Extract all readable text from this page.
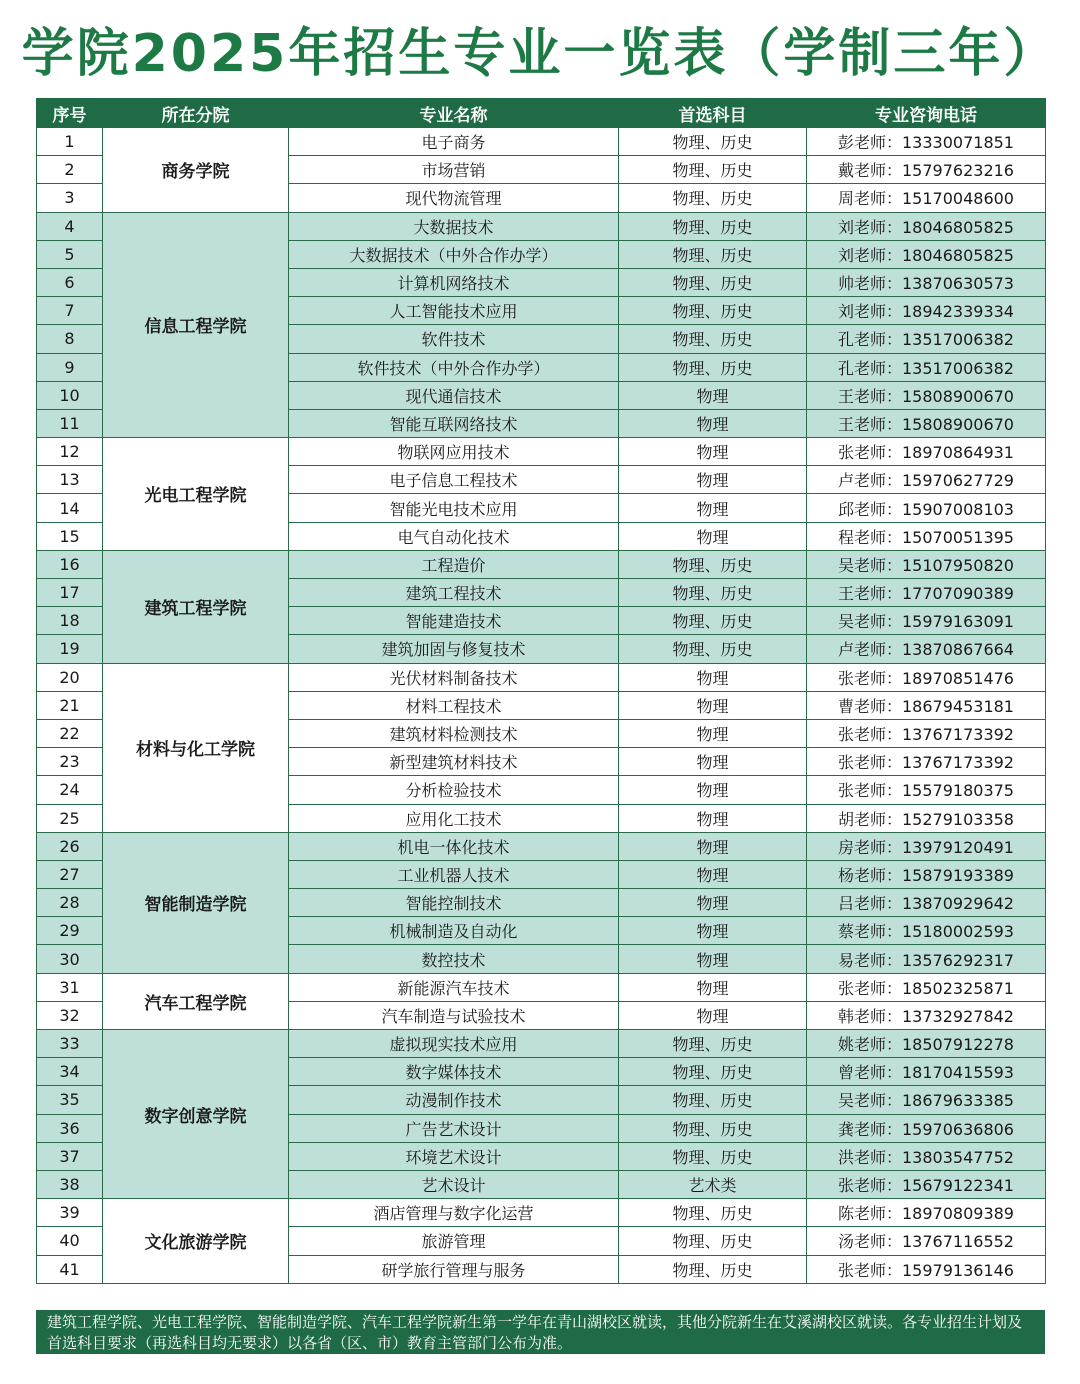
学院2025年招生专业一览表（学制三年）
序号	所在分院	专业名称	首选科目	专业咨询电话
1	商务学院	电子商务	物理、历史	彭老师：13330071851
2		市场营销	物理、历史	戴老师：15797623216
3		现代物流管理	物理、历史	周老师：15170048600
4	信息工程学院	大数据技术	物理、历史	刘老师：18046805825
5		大数据技术（中外合作办学）	物理、历史	刘老师：18046805825
6		计算机网络技术	物理、历史	帅老师：13870630573
7		人工智能技术应用	物理、历史	刘老师：18942339334
8		软件技术	物理、历史	孔老师：13517006382
9		软件技术（中外合作办学）	物理、历史	孔老师：13517006382
10		现代通信技术	物理	王老师：15808900670
11		智能互联网络技术	物理	王老师：15808900670
12	光电工程学院	物联网应用技术	物理	张老师：18970864931
13		电子信息工程技术	物理	卢老师：15970627729
14		智能光电技术应用	物理	邱老师：15907008103
15		电气自动化技术	物理	程老师：15070051395
16	建筑工程学院	工程造价	物理、历史	吴老师：15107950820
17		建筑工程技术	物理、历史	王老师：17707090389
18		智能建造技术	物理、历史	吴老师：15979163091
19		建筑加固与修复技术	物理、历史	卢老师：13870867664
20	材料与化工学院	光伏材料制备技术	物理	张老师：18970851476
21		材料工程技术	物理	曹老师：18679453181
22		建筑材料检测技术	物理	张老师：13767173392
23		新型建筑材料技术	物理	张老师：13767173392
24		分析检验技术	物理	张老师：15579180375
25		应用化工技术	物理	胡老师：15279103358
26	智能制造学院	机电一体化技术	物理	房老师：13979120491
27		工业机器人技术	物理	杨老师：15879193389
28		智能控制技术	物理	吕老师：13870929642
29		机械制造及自动化	物理	蔡老师：15180002593
30		数控技术	物理	易老师：13576292317
31	汽车工程学院	新能源汽车技术	物理	张老师：18502325871
32		汽车制造与试验技术	物理	韩老师：13732927842
33	数字创意学院	虚拟现实技术应用	物理、历史	姚老师：18507912278
34		数字媒体技术	物理、历史	曾老师：18170415593
35		动漫制作技术	物理、历史	吴老师：18679633385
36		广告艺术设计	物理、历史	龚老师：15970636806
37		环境艺术设计	物理、历史	洪老师：13803547752
38		艺术设计	艺术类	张老师：15679122341
39	文化旅游学院	酒店管理与数字化运营	物理、历史	陈老师：18970809389
40		旅游管理	物理、历史	汤老师：13767116552
41		研学旅行管理与服务	物理、历史	张老师：15979136146
建筑工程学院、光电工程学院、智能制造学院、汽车工程学院新生第一学年在青山湖校区就读，其他分院新生在艾溪湖校区就读。各专业招生计划及首选科目要求（再选科目均无要求）以各省（区、市）教育主管部门公布为准。
